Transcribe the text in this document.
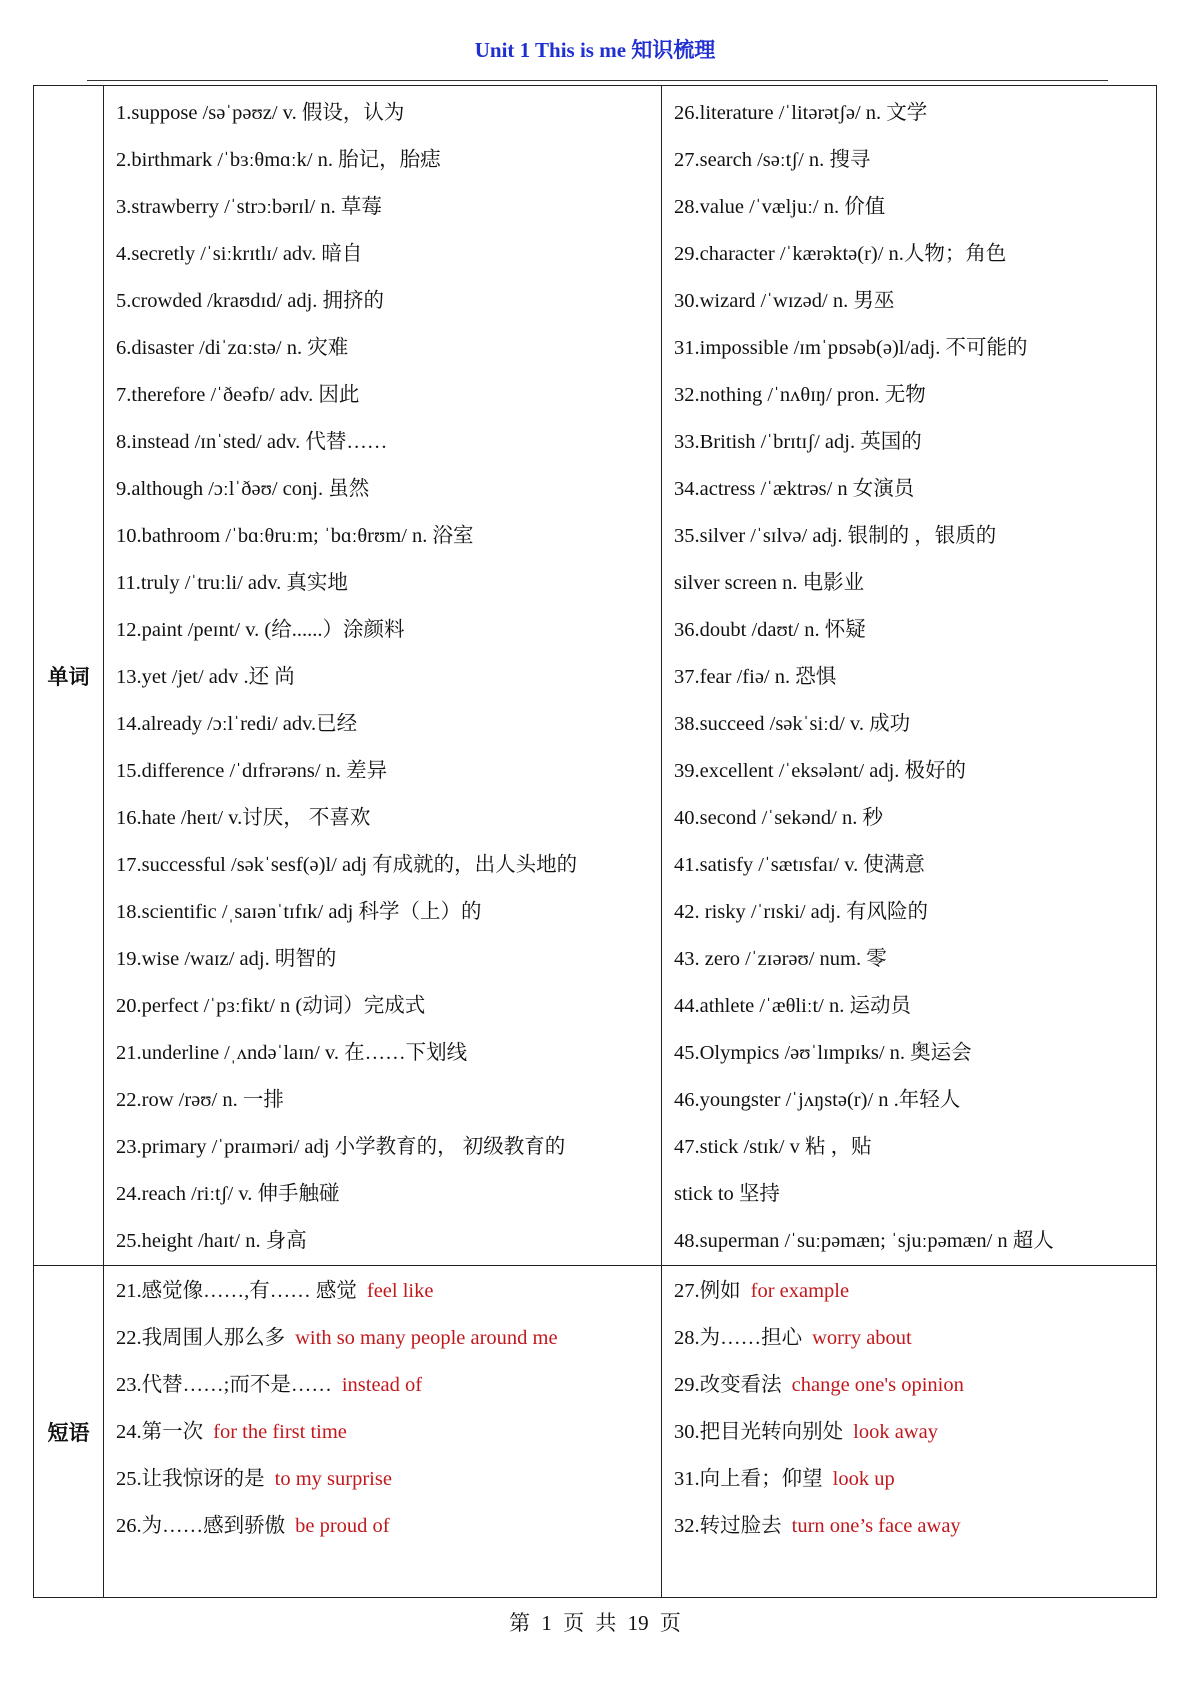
Unit 1 This is me 知识梳理
单词
1.suppose /səˈpəʊz/ v. 假设，认为
2.birthmark /ˈbɜːθmɑːk/ n. 胎记，胎痣
3.strawberry /ˈstrɔːbərɪl/ n. 草莓
4.secretly /ˈsiːkrɪtlɪ/ adv. 暗自
5.crowded /kraʊdɪd/ adj. 拥挤的
6.disaster /diˈzɑːstə/ n. 灾难
7.therefore /ˈðeəfɒ/ adv. 因此
8.instead /ɪnˈsted/ adv. 代替……
9.although /ɔːlˈðəʊ/ conj. 虽然
10.bathroom /ˈbɑːθruːm; ˈbɑːθrʊm/ n. 浴室
11.truly /ˈtruːli/ adv. 真实地
12.paint /peɪnt/ v. (给......）涂颜料
13.yet /jet/ adv .还 尚
14.already /ɔːlˈredi/ adv.已经
15.difference /ˈdɪfrərəns/ n. 差异
16.hate /heɪt/ v.讨厌， 不喜欢
17.successful /səkˈsesf(ə)l/ adj 有成就的，出人头地的
18.scientific /ˌsaɪənˈtɪfɪk/ adj 科学（上）的
19.wise /waɪz/ adj. 明智的
20.perfect /ˈpɜːfikt/ n (动词）完成式
21.underline /ˌʌndəˈlaɪn/ v. 在……下划线
22.row /rəʊ/ n. 一排
23.primary /ˈpraɪməri/ adj 小学教育的， 初级教育的
24.reach /riːtʃ/ v. 伸手触碰
25.height /haɪt/ n. 身高
26.literature /ˈlitərətʃə/ n. 文学
27.search /səːtʃ/ n. 搜寻
28.value /ˈvæljuː/ n. 价值
29.character /ˈkærəktə(r)/ n.人物；角色
30.wizard /ˈwɪzəd/ n. 男巫
31.impossible /ɪmˈpɒsəb(ə)l/adj. 不可能的
32.nothing /ˈnʌθɪŋ/ pron. 无物
33.British /ˈbrɪtɪʃ/ adj. 英国的
34.actress /ˈæktrəs/ n 女演员
35.silver /ˈsɪlvə/ adj. 银制的 ，银质的
silver screen n. 电影业
36.doubt /daʊt/ n. 怀疑
37.fear /fiə/ n. 恐惧
38.succeed /səkˈsiːd/ v. 成功
39.excellent /ˈeksələnt/ adj. 极好的
40.second /ˈsekənd/ n. 秒
41.satisfy /ˈsætɪsfaɪ/ v. 使满意
42. risky /ˈrɪski/ adj. 有风险的
43. zero /ˈzɪərəʊ/ num. 零
44.athlete /ˈæθliːt/ n. 运动员
45.Olympics /əʊˈlɪmpɪks/ n. 奥运会
46.youngster /ˈjʌŋstə(r)/ n .年轻人
47.stick /stɪk/ v 粘 ，贴
stick to 坚持
48.superman /ˈsuːpəmæn; ˈsjuːpəmæn/ n 超人
短语
21.感觉像……,有…… 感觉 feel like
22.我周围人那么多 with so many people around me
23.代替……;而不是…… instead of
24.第一次 for the first time
25.让我惊讶的是 to my surprise
26.为……感到骄傲 be proud of
27.例如 for example
28.为……担心 worry about
29.改变看法 change one's opinion
30.把目光转向别处 look away
31.向上看；仰望 look up
32.转过脸去 turn one’s face away
第 1 页 共 19 页
